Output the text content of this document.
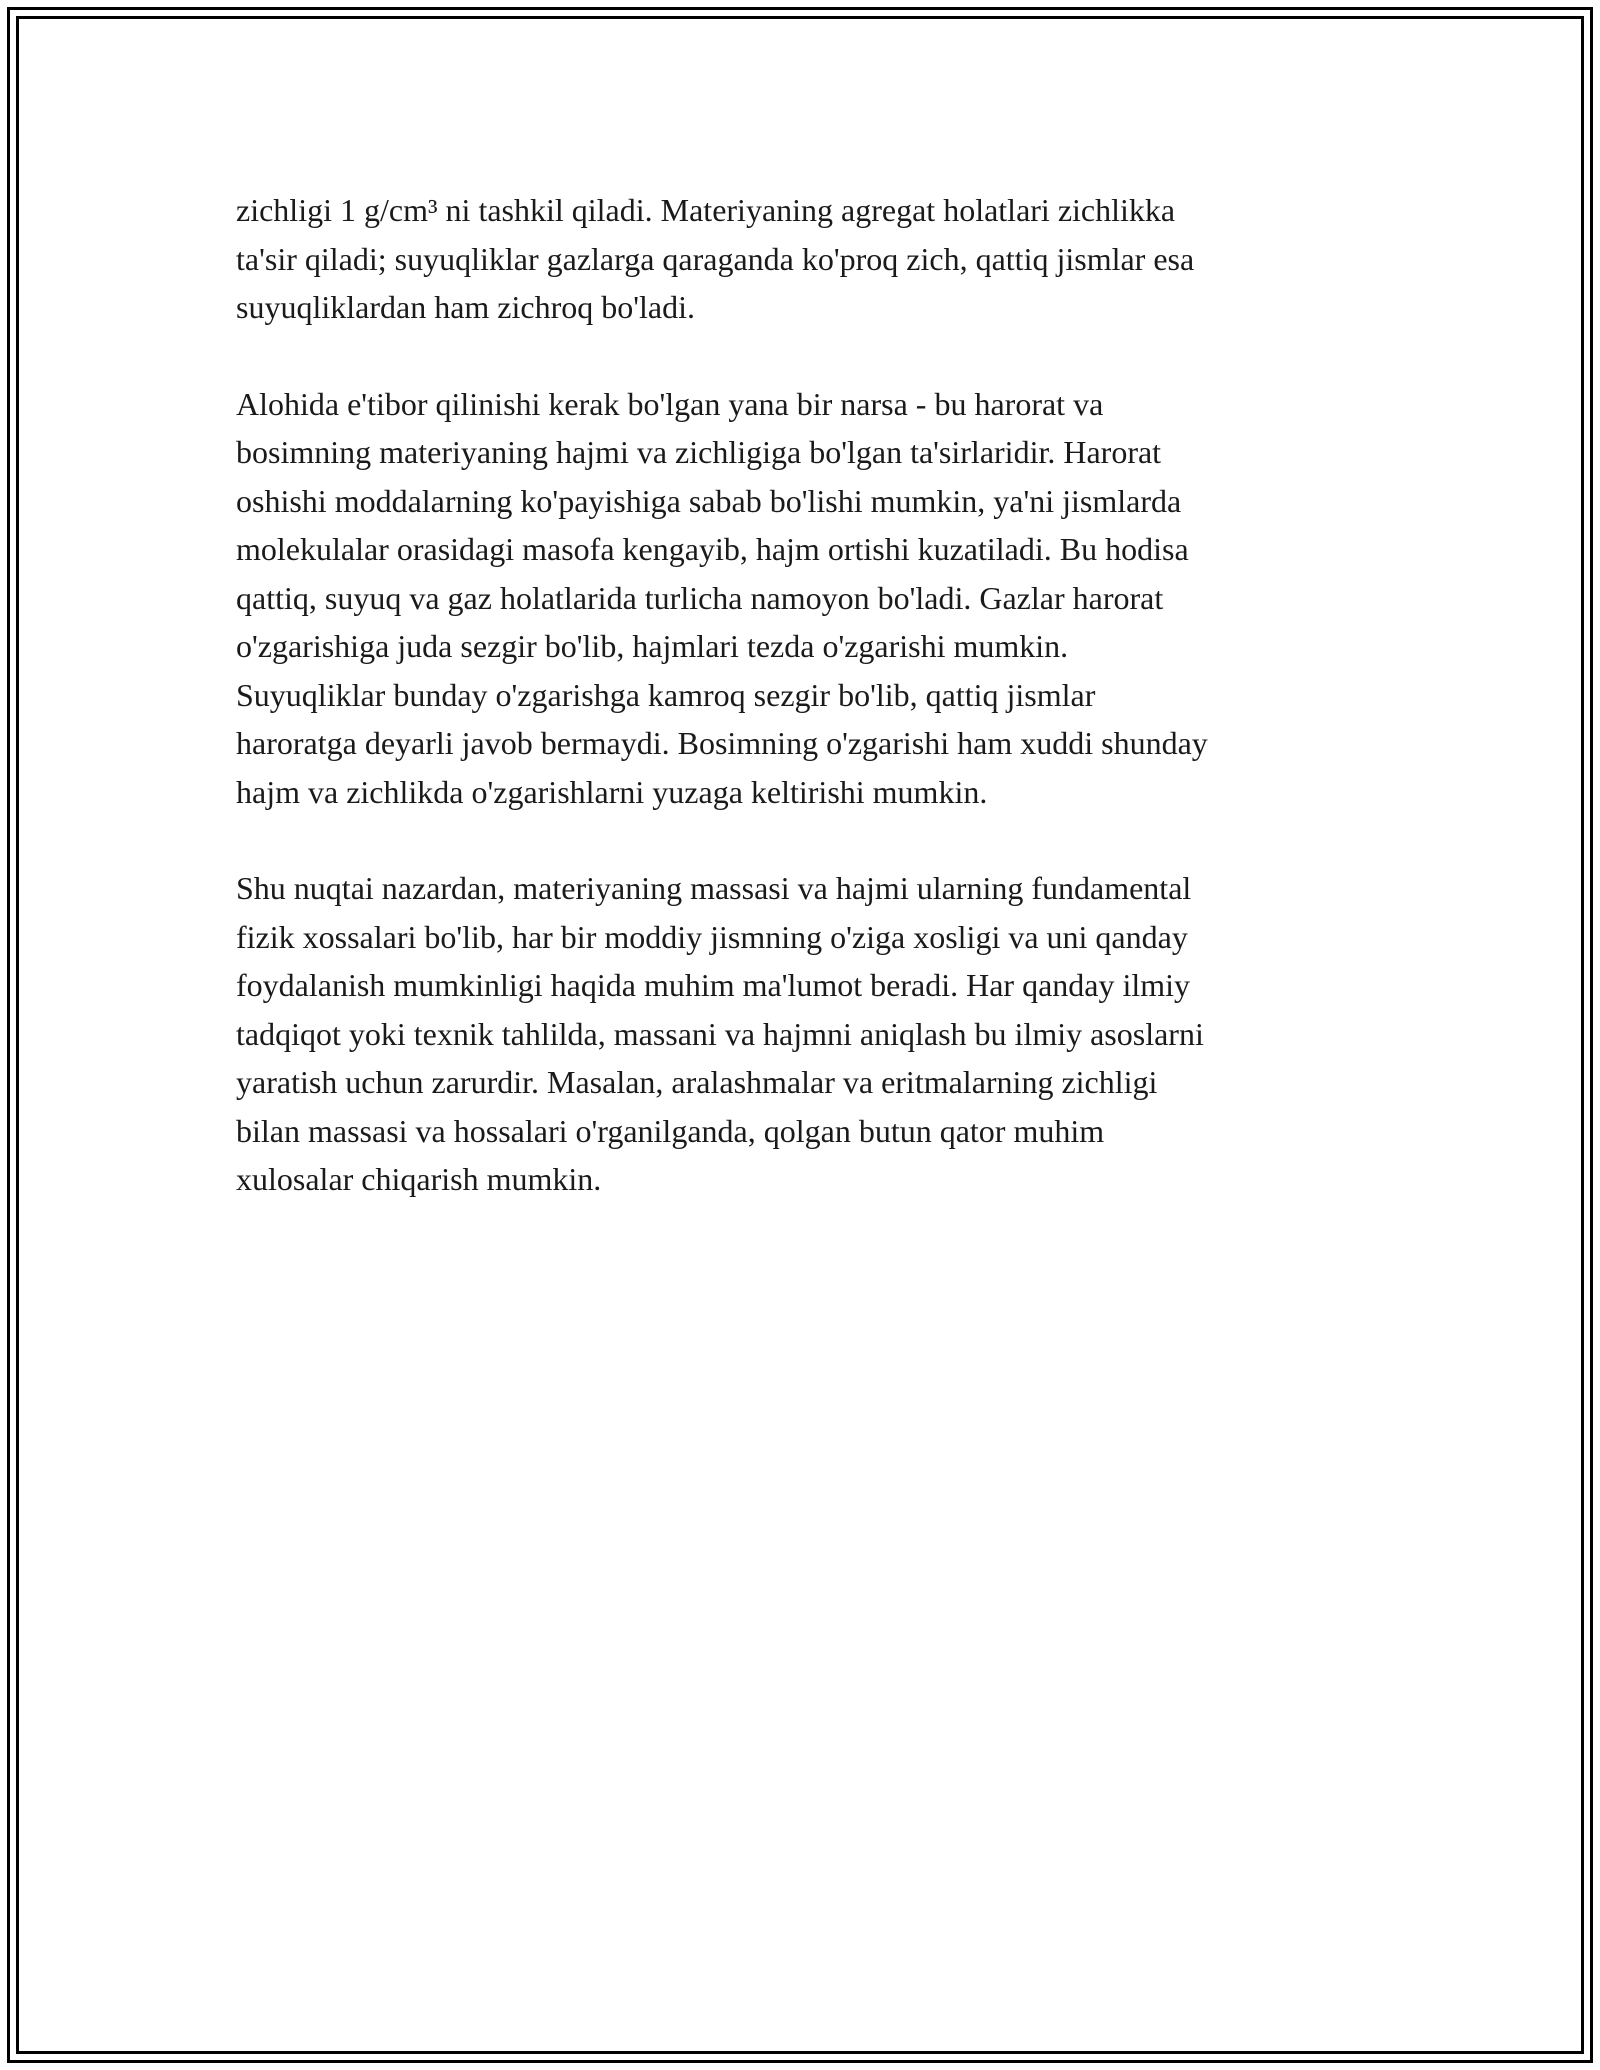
zichligi 1 g/cm³ ni tashkil qiladi. Materiyaning agregat holatlari zichlikka
ta'sir qiladi; suyuqliklar gazlarga qaraganda ko'proq zich, qattiq jismlar esa
suyuqliklardan ham zichroq bo'ladi.

Alohida e'tibor qilinishi kerak bo'lgan yana bir narsa - bu harorat va
bosimning materiyaning hajmi va zichligiga bo'lgan ta'sirlaridir. Harorat
oshishi moddalarning ko'payishiga sabab bo'lishi mumkin, ya'ni jismlarda
molekulalar orasidagi masofa kengayib, hajm ortishi kuzatiladi. Bu hodisa
qattiq, suyuq va gaz holatlarida turlicha namoyon bo'ladi. Gazlar harorat
o'zgarishiga juda sezgir bo'lib, hajmlari tezda o'zgarishi mumkin.
Suyuqliklar bunday o'zgarishga kamroq sezgir bo'lib, qattiq jismlar
haroratga deyarli javob bermaydi. Bosimning o'zgarishi ham xuddi shunday
hajm va zichlikda o'zgarishlarni yuzaga keltirishi mumkin.

Shu nuqtai nazardan, materiyaning massasi va hajmi ularning fundamental
fizik xossalari bo'lib, har bir moddiy jismning o'ziga xosligi va uni qanday
foydalanish mumkinligi haqida muhim ma'lumot beradi. Har qanday ilmiy
tadqiqot yoki texnik tahlilda, massani va hajmni aniqlash bu ilmiy asoslarni
yaratish uchun zarurdir. Masalan, aralashmalar va eritmalarning zichligi
bilan massasi va hossalari o'rganilganda, qolgan butun qator muhim
xulosalar chiqarish mumkin.
